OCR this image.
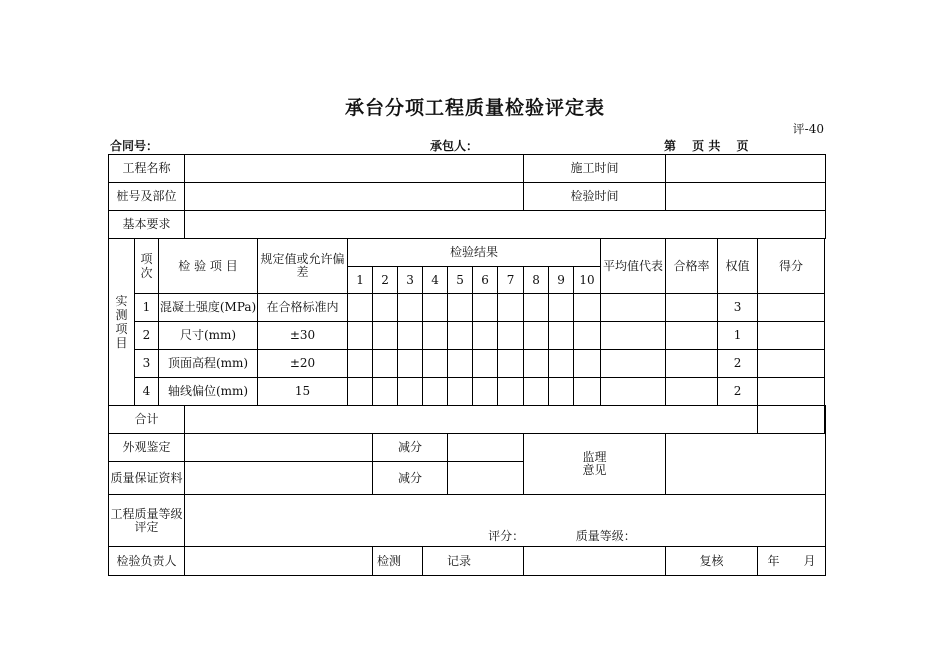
承台分项工程质量检验评定表
评-40
合同号：	承包人：	第　 页 共　 页
工程名称												施工时间							
桩号及部位												检验时间							
基本要求																			
实测项目	项次	检 验 项 目		规定值或允许偏差	检验结果										平均值代表	合格率	权值	得分	
					1	2	3	4	5	6	7	8	9	10					
	1	混凝土强度(MPa)		在合格标准内													3		
	2	尺寸(mm)		±30													1		
	3	顶面高程(mm)		±20													2		
	4	轴线偏位(mm)		15													2		
合计																			
外观鉴定						减分						监理意见							
质量保证资料						减分													
工程质量等级评定			评分： 质量等级：																
检验负责人						检测		记录								复核		年　　月	
